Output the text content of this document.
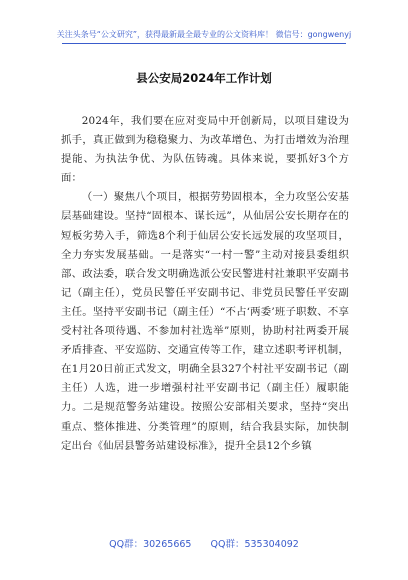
关注头条号“公文研究”，获得最新最全最专业的公文资料库！ 微信号：gongwenyj
县公安局2024年工作计划

2024年，我们要在应对变局中开创新局，以项目建设为抓手，真正做到为稳稳聚力、为改革增色、为打击增效为治理提能、为执法争优、为队伍铸魂。具体来说，要抓好3个方面：

（一）聚焦八个项目，根据劳势固根本，全力攻坚公安基层基础建设。坚持“固根本、谋长远”，从仙居公安长期存在的短板劣势入手，筛选8个利于仙居公安长远发展的攻坚项目，全力夯实发展基础。一是落实“一村一警”主动对接县委组织部、政法委，联合发文明确选派公安民警进村社兼职平安副书记（副主任），党员民警任平安副书记、非党员民警任平安副主任。坚持平安副书记（副主任）“不占‘两委’班子职数、不享受村社各项待遇、不参加村社选举”原则，协助村社两委开展矛盾排查、平安巡防、交通宣传等工作，建立述职考评机制，在1月20日前正式发文，明确全县327个村社平安副书记（副主任）人选，进一步增强村社平安副书记（副主任）履职能力。二是规范警务站建设。按照公安部相关要求，坚持“突出重点、整体推进、分类管理”的原则，结合我县实际，加快制定出台《仙居县警务站建设标准》，提升全县12个乡镇

QQ群：30265665 QQ群：535304092
